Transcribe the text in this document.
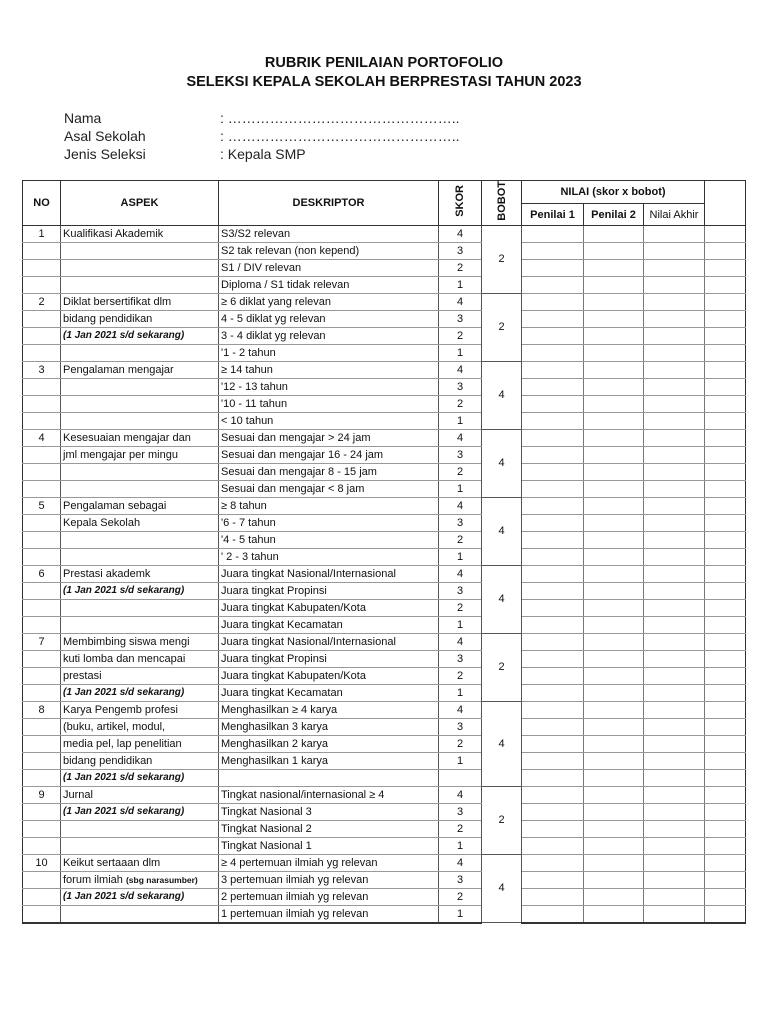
RUBRIK PENILAIAN PORTOFOLIO
SELEKSI KEPALA SEKOLAH BERPRESTASI TAHUN 2023
Nama	: …………………………………………..
Asal Sekolah	: …………………………………………..
Jenis Seleksi	: Kepala SMP
NO	ASPEK	DESKRIPTOR	SKOR	BOBOT	NILAI (skor x bobot)			
					Penilai 1	Penilai 2	Nilai Akhir	
1	Kualifikasi Akademik	S3/S2 relevan	4	2				
		S2 tak relevan (non kepend)	3					
		S1 / DIV relevan	2					
		Diploma / S1 tidak relevan	1					
2	Diklat bersertifikat dlm	≥ 6 diklat yang relevan	4	2				
	bidang pendidikan	4 - 5 diklat yg relevan	3					
	(1 Jan 2021 s/d sekarang)	3 - 4 diklat yg relevan	2					
		'1 - 2 tahun	1					
3	Pengalaman mengajar	≥ 14 tahun	4	4				
		'12 - 13 tahun	3					
		'10 - 11 tahun	2					
		< 10 tahun	1					
4	Kesesuaian mengajar dan	Sesuai dan mengajar > 24 jam	4	4				
	jml mengajar per mingu	Sesuai dan mengajar 16 - 24 jam	3					
		Sesuai dan mengajar 8 - 15 jam	2					
		Sesuai dan mengajar < 8 jam	1					
5	Pengalaman sebagai	≥ 8 tahun	4	4				
	Kepala Sekolah	'6 - 7 tahun	3					
		'4 - 5 tahun	2					
		' 2 - 3 tahun	1					
6	Prestasi akademk	Juara tingkat Nasional/Internasional	4	4				
	(1 Jan 2021 s/d sekarang)	Juara tingkat Propinsi	3					
		Juara tingkat Kabupaten/Kota	2					
		Juara tingkat Kecamatan	1					
7	Membimbing siswa mengi	Juara tingkat Nasional/Internasional	4	2				
	kuti lomba dan mencapai	Juara tingkat Propinsi	3					
	prestasi	Juara tingkat Kabupaten/Kota	2					
	(1 Jan 2021 s/d sekarang)	Juara tingkat Kecamatan	1					
8	Karya Pengemb profesi	Menghasilkan ≥ 4 karya	4	4				
	(buku, artikel, modul,	Menghasilkan 3 karya	3					
	media pel, lap penelitian	Menghasilkan 2 karya	2					
	bidang pendidikan	Menghasilkan 1 karya	1					
	(1 Jan 2021 s/d sekarang)							
9	Jurnal	Tingkat nasional/internasional ≥ 4	4	2				
	(1 Jan 2021 s/d sekarang)	Tingkat Nasional 3	3					
		Tingkat Nasional 2	2					
		Tingkat Nasional 1	1					
10	Keikut sertaaan dlm	≥ 4 pertemuan ilmiah yg relevan	4	4				
	forum ilmiah (sbg narasumber)	3 pertemuan ilmiah yg relevan	3					
	(1 Jan 2021 s/d sekarang)	2 pertemuan ilmiah yg relevan	2					
		1 pertemuan ilmiah yg relevan	1					
